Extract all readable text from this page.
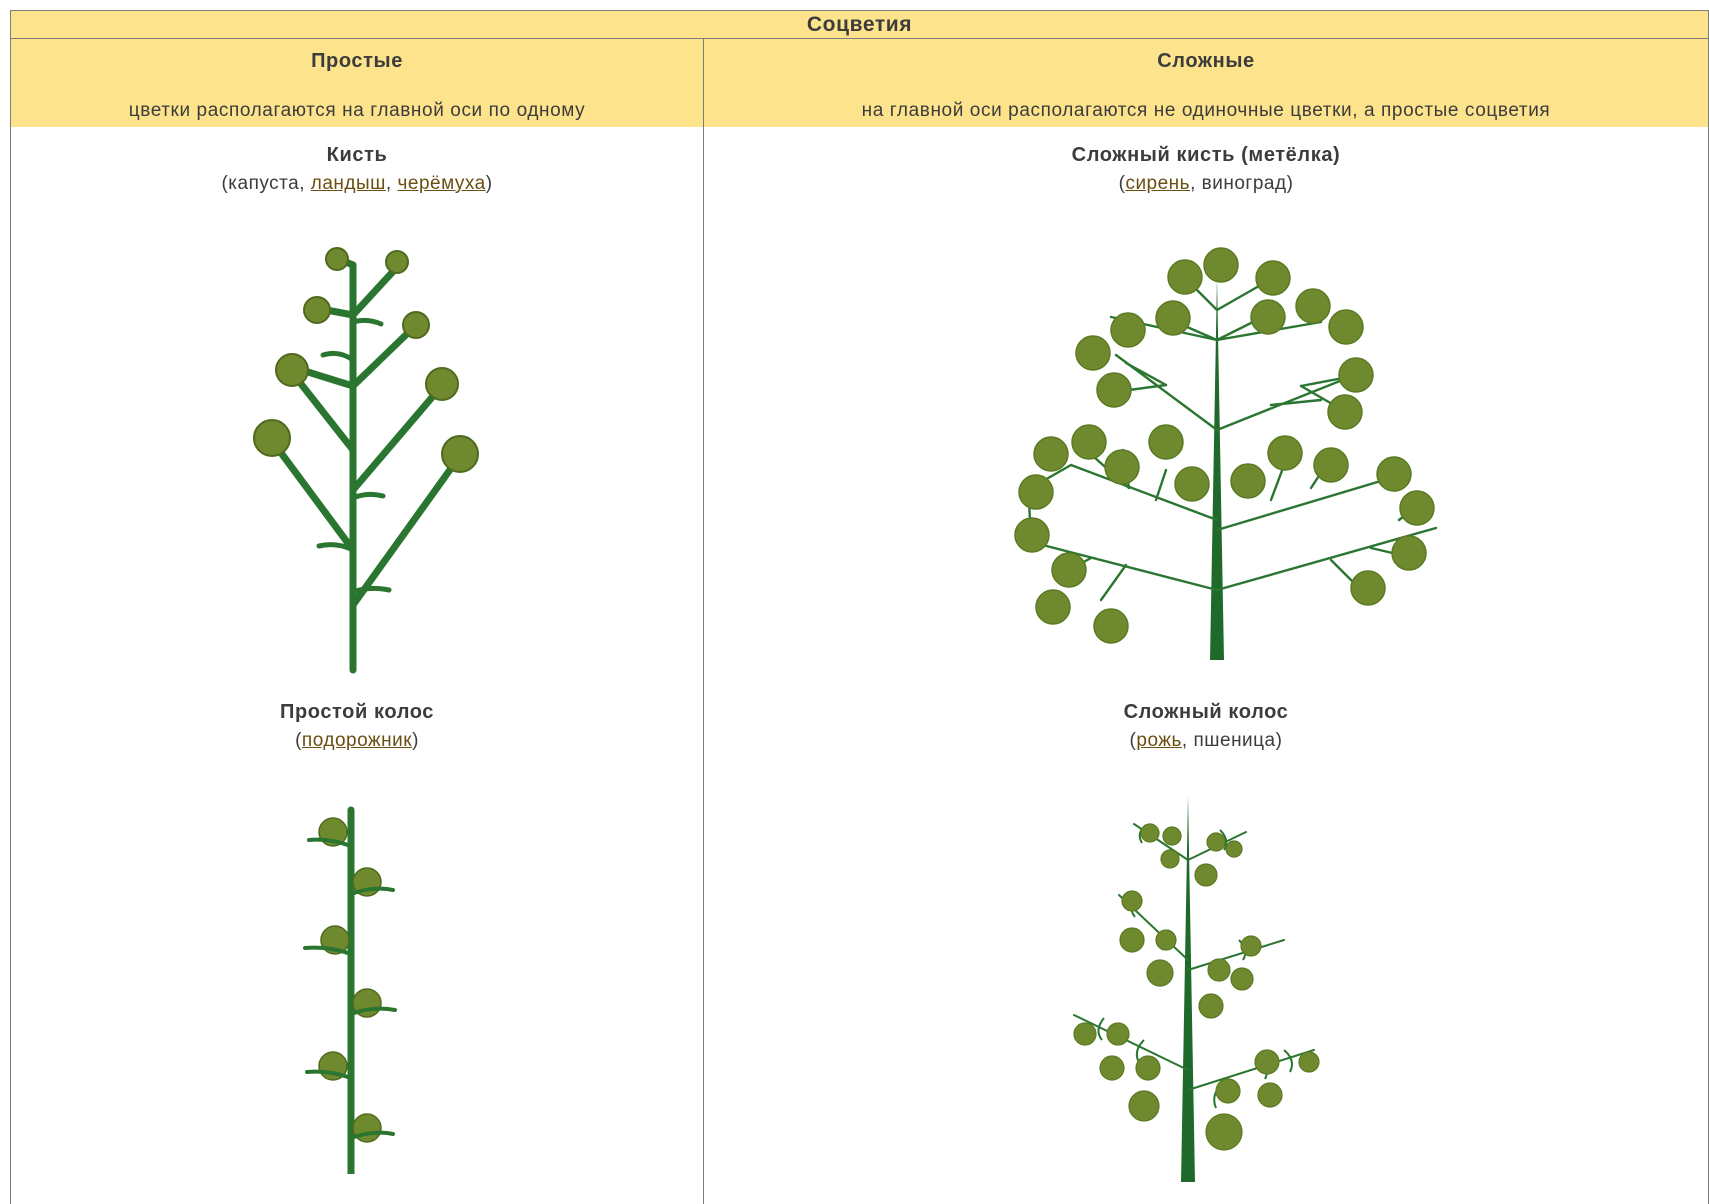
Соцветия
Простые
цветки располагаются на главной оси по одному
Сложные
на главной оси располагаются не одиночные цветки, а простые соцветия
Кисть
(капуста, ландыш, черёмуха)
Сложный кисть (метёлка)
(сирень, виноград)
Простой колос
(подорожник)
Сложный колос
(рожь, пшеница)
